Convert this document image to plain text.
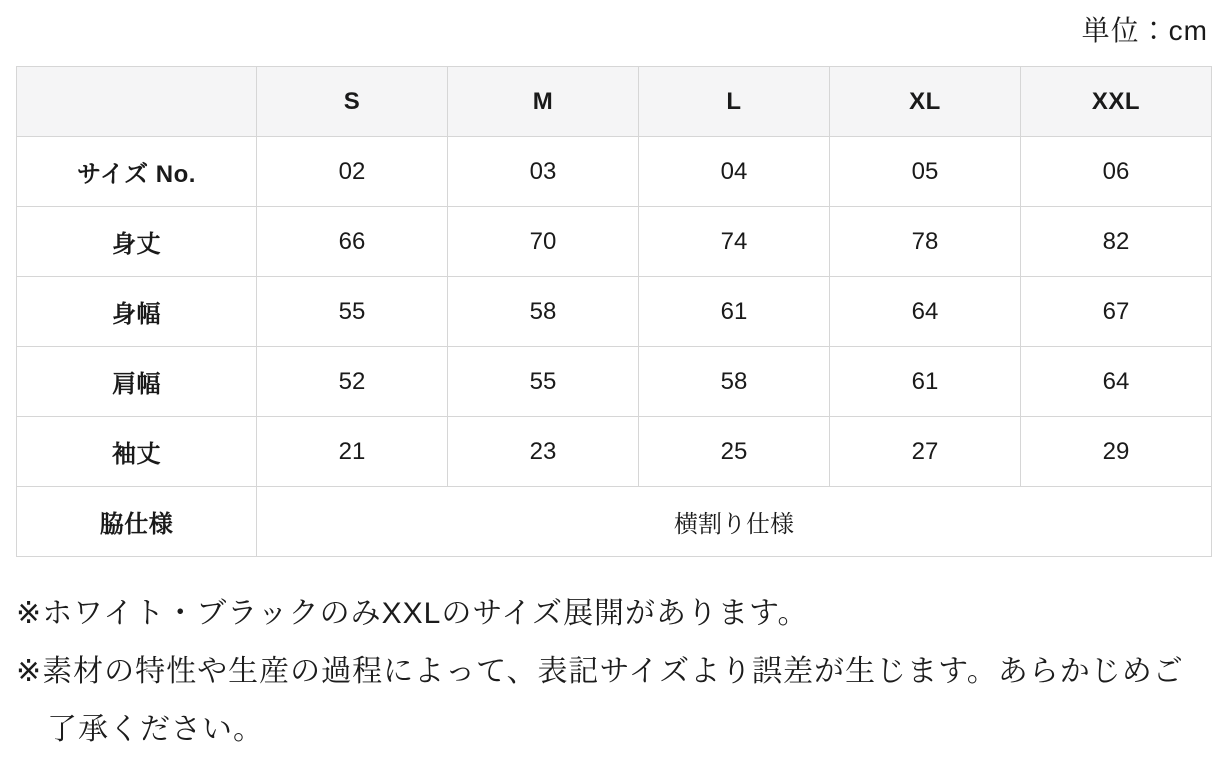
単位：cm
	S	M	L	XL	XXL
サイズ No.	02	03	04	05	06
身丈	66	70	74	78	82
身幅	55	58	61	64	67
肩幅	52	55	58	61	64
袖丈	21	23	25	27	29
脇仕様	横割り仕様				

※ホワイト・ブラックのみXXLのサイズ展開があります。

※素材の特性や生産の過程によって、表記サイズより誤差が生じます。あらかじめご了承ください。
